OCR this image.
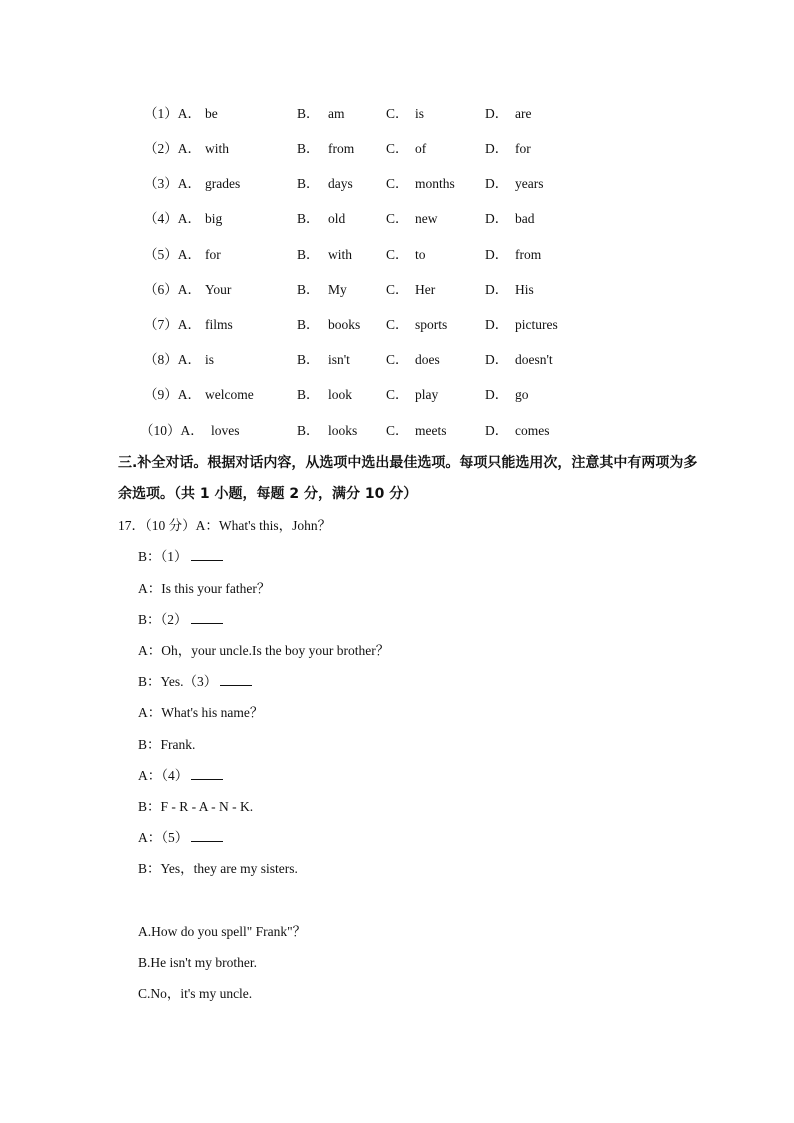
（1）A． be	B． am	C． is	D． are
（2）A． with	B． from C． of	D． for
（3）A． grades	B． days C． months D． years
（4）A． big	B． old	C． new	D． bad
（5）A． for	B． with	C． to	D． from
（6）A． Your	B． My	C． Her	D． His
（7）A． films	B． books C． sports	D． pictures
（8）A． is	B． isn't	C． does	D． doesn't
（9）A． welcome	B． look	C． play	D． go
（10）A． loves	B． looks C． meets	D． comes
三.补全对话。根据对话内容，从选项中选出最佳选项。每项只能选用次，注意其中有两项为多余选项。（共 1 小题，每题 2 分，满分 10 分）
17．（10 分）A：What's this，John？
B：（1）
A：Is this your father？
B：（2）
A：Oh，your uncle.Is the boy your brother？
B：Yes.（3）
A：What's his name？
B：Frank.
A：（4）
B：F - R - A - N - K.
A：（5）
B：Yes，they are my sisters.
A.How do you spell" Frank"？
B.He isn't my brother.
C.No，it's my uncle.
